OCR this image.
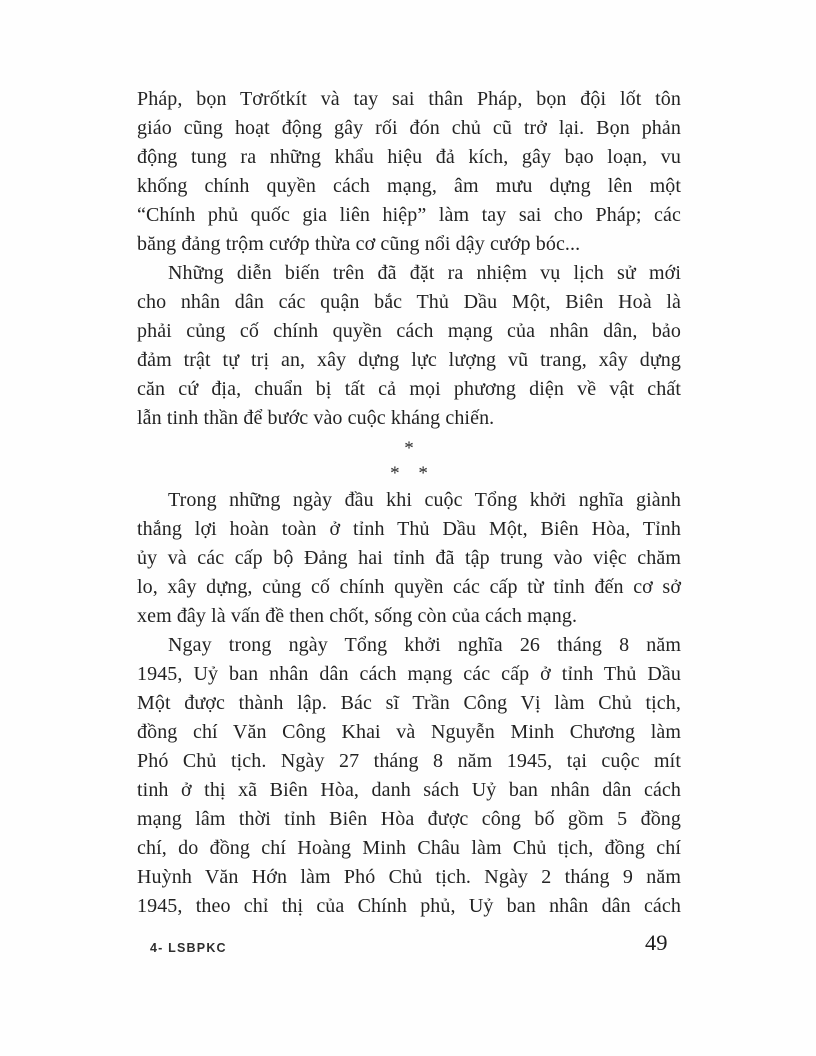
Pháp, bọn Tơrốtkít và tay sai thân Pháp, bọn đội lốt tôn
giáo cũng hoạt động gây rối đón chủ cũ trở lại. Bọn phản
động tung ra những khẩu hiệu đả kích, gây bạo loạn, vu
khống chính quyền cách mạng, âm mưu dựng lên một
“Chính phủ quốc gia liên hiệp” làm tay sai cho Pháp; các
băng đảng trộm cướp thừa cơ cũng nổi dậy cướp bóc...
Những diễn biến trên đã đặt ra nhiệm vụ lịch sử mới
cho nhân dân các quận bắc Thủ Dầu Một, Biên Hoà là
phải củng cố chính quyền cách mạng của nhân dân, bảo
đảm trật tự trị an, xây dựng lực lượng vũ trang, xây dựng
căn cứ địa, chuẩn bị tất cả mọi phương diện về vật chất
lẫn tinh thần để bước vào cuộc kháng chiến.
*
* *
Trong những ngày đầu khi cuộc Tổng khởi nghĩa giành
thắng lợi hoàn toàn ở tỉnh Thủ Dầu Một, Biên Hòa, Tỉnh
ủy và các cấp bộ Đảng hai tỉnh đã tập trung vào việc chăm
lo, xây dựng, củng cố chính quyền các cấp từ tỉnh đến cơ sở
xem đây là vấn đề then chốt, sống còn của cách mạng.
Ngay trong ngày Tổng khởi nghĩa 26 tháng 8 năm
1945, Uỷ ban nhân dân cách mạng các cấp ở tỉnh Thủ Dầu
Một được thành lập. Bác sĩ Trần Công Vị làm Chủ tịch,
đồng chí Văn Công Khai và Nguyễn Minh Chương làm
Phó Chủ tịch. Ngày 27 tháng 8 năm 1945, tại cuộc mít
tinh ở thị xã Biên Hòa, danh sách Uỷ ban nhân dân cách
mạng lâm thời tỉnh Biên Hòa được công bố gồm 5 đồng
chí, do đồng chí Hoàng Minh Châu làm Chủ tịch, đồng chí
Huỳnh Văn Hớn làm Phó Chủ tịch. Ngày 2 tháng 9 năm
1945, theo chỉ thị của Chính phủ, Uỷ ban nhân dân cách
4- LSBPKC	49
